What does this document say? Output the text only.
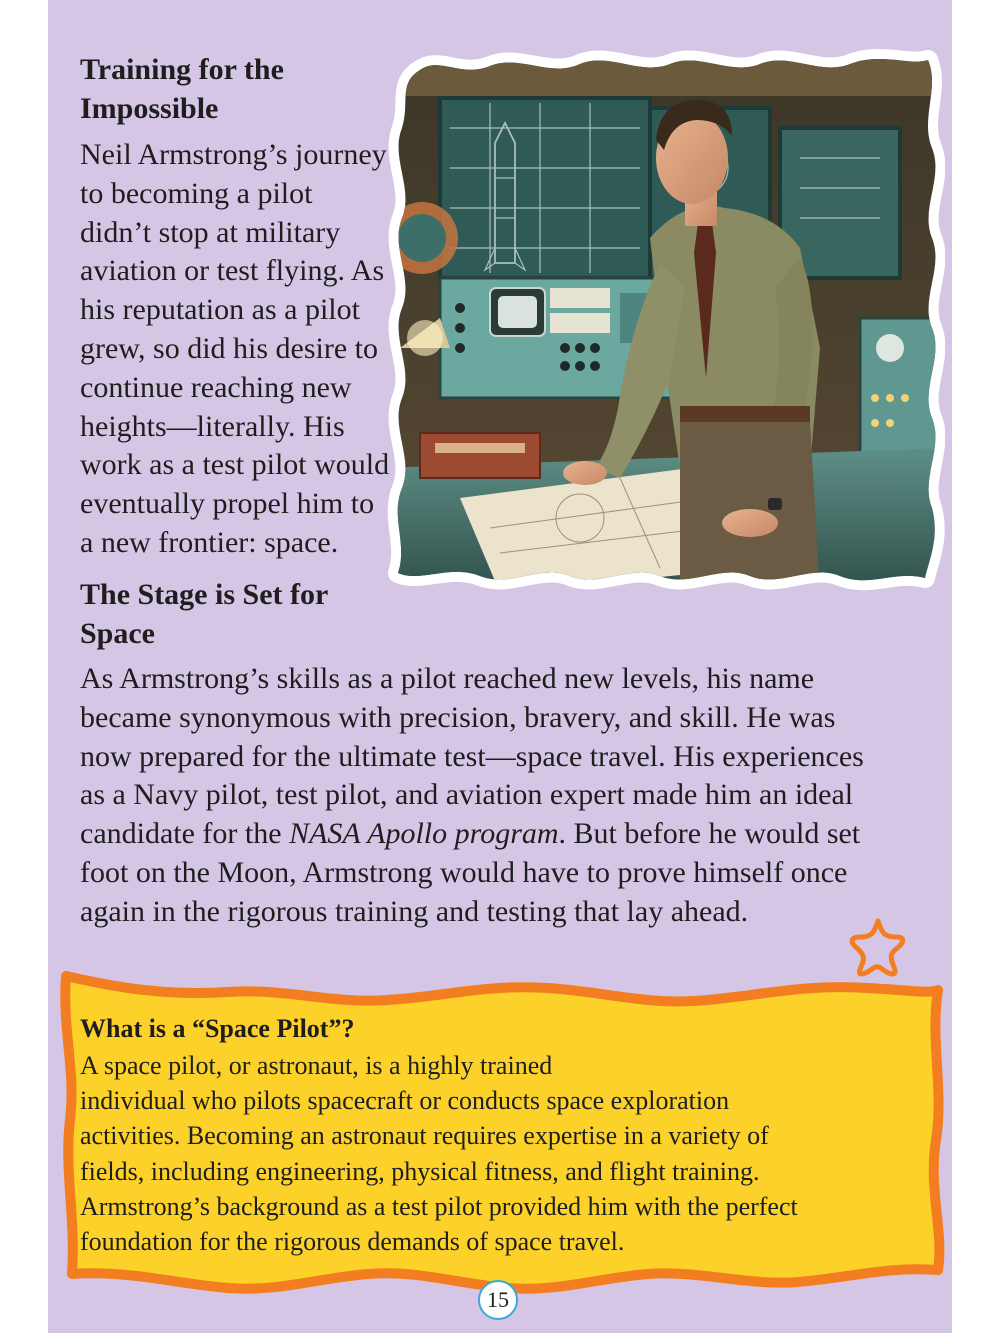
Training for the
Impossible
Neil Armstrong’s journey
to becoming a pilot
didn’t stop at military
aviation or test flying. As
his reputation as a pilot
grew, so did his desire to
continue reaching new
heights—literally. His
work as a test pilot would
eventually propel him to
a new frontier: space.
The Stage is Set for
Space
As Armstrong’s skills as a pilot reached new levels, his name
became synonymous with precision, bravery, and skill. He was
now prepared for the ultimate test—space travel. His experiences
as a Navy pilot, test pilot, and aviation expert made him an ideal
candidate for the NASA Apollo program. But before he would set
foot on the Moon, Armstrong would have to prove himself once
again in the rigorous training and testing that lay ahead.
What is a “Space Pilot”?
A space pilot, or astronaut, is a highly trained
individual who pilots spacecraft or conducts space exploration
activities. Becoming an astronaut requires expertise in a variety of
fields, including engineering, physical fitness, and flight training.
Armstrong’s background as a test pilot provided him with the perfect
foundation for the rigorous demands of space travel.
15
